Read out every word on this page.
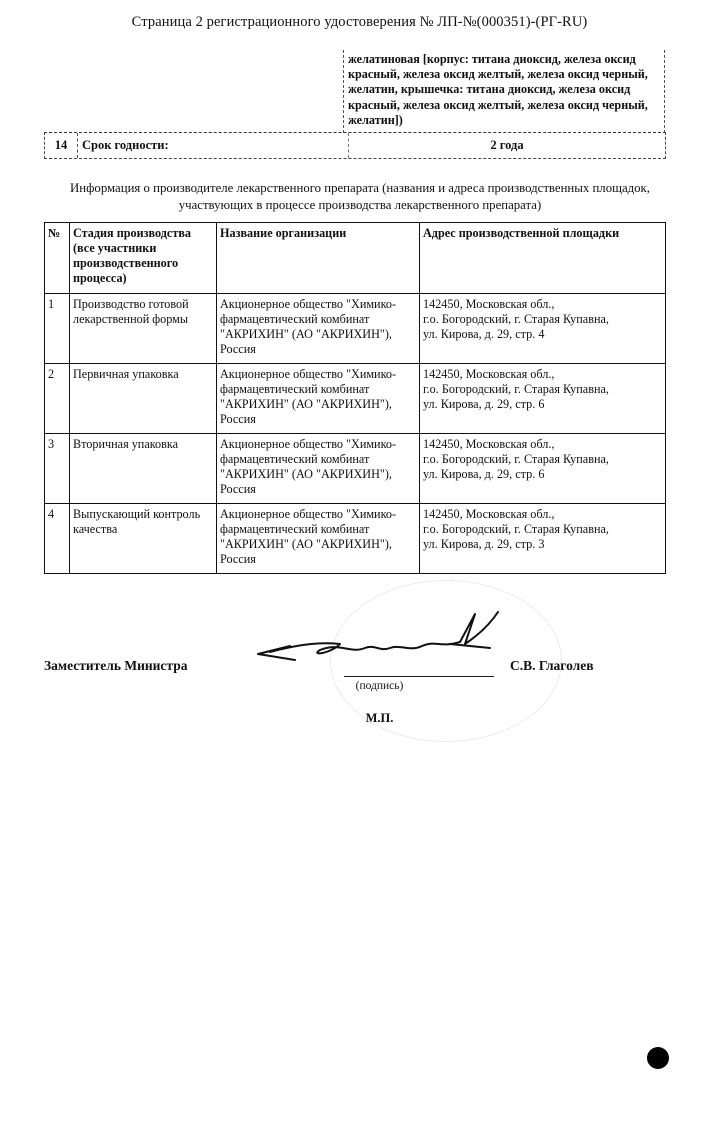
Страница 2 регистрационного удостоверения № ЛП-№(000351)-(РГ-RU)
желатиновая [корпус: титана диоксид, железа оксид красный, железа оксид желтый, железа оксид черный, желатин, крышечка: титана диоксид, железа оксид красный, железа оксид желтый, железа оксид черный, желатин])
14	Срок годности:	2 года
Информация о производителе лекарственного препарата (названия и адреса производственных площадок,
участвующих в процессе производства лекарственного препарата)
№	Стадия производства (все участники производственного процесса)	Название организации	Адрес производственной площадки
1	Производство готовой лекарственной формы	Акционерное общество "Химико-фармацевтический комбинат "АКРИХИН" (АО "АКРИХИН"), Россия	142450, Московская обл.,
г.о. Богородский, г. Старая Купавна,
ул. Кирова, д. 29, стр. 4

2	Первичная упаковка	Акционерное общество "Химико-фармацевтический комбинат "АКРИХИН" (АО "АКРИХИН"), Россия	142450, Московская обл.,
г.о. Богородский, г. Старая Купавна,
ул. Кирова, д. 29, стр. 6

3	Вторичная упаковка	Акционерное общество "Химико-фармацевтический комбинат "АКРИХИН" (АО "АКРИХИН"), Россия	142450, Московская обл.,
г.о. Богородский, г. Старая Купавна,
ул. Кирова, д. 29, стр. 6

4	Выпускающий контроль качества	Акционерное общество "Химико-фармацевтический комбинат "АКРИХИН" (АО "АКРИХИН"), Россия	142450, Московская обл.,
г.о. Богородский, г. Старая Купавна,
ул. Кирова, д. 29, стр. 3
Заместитель Министра	С.В. Глаголев
(подпись)
М.П.
